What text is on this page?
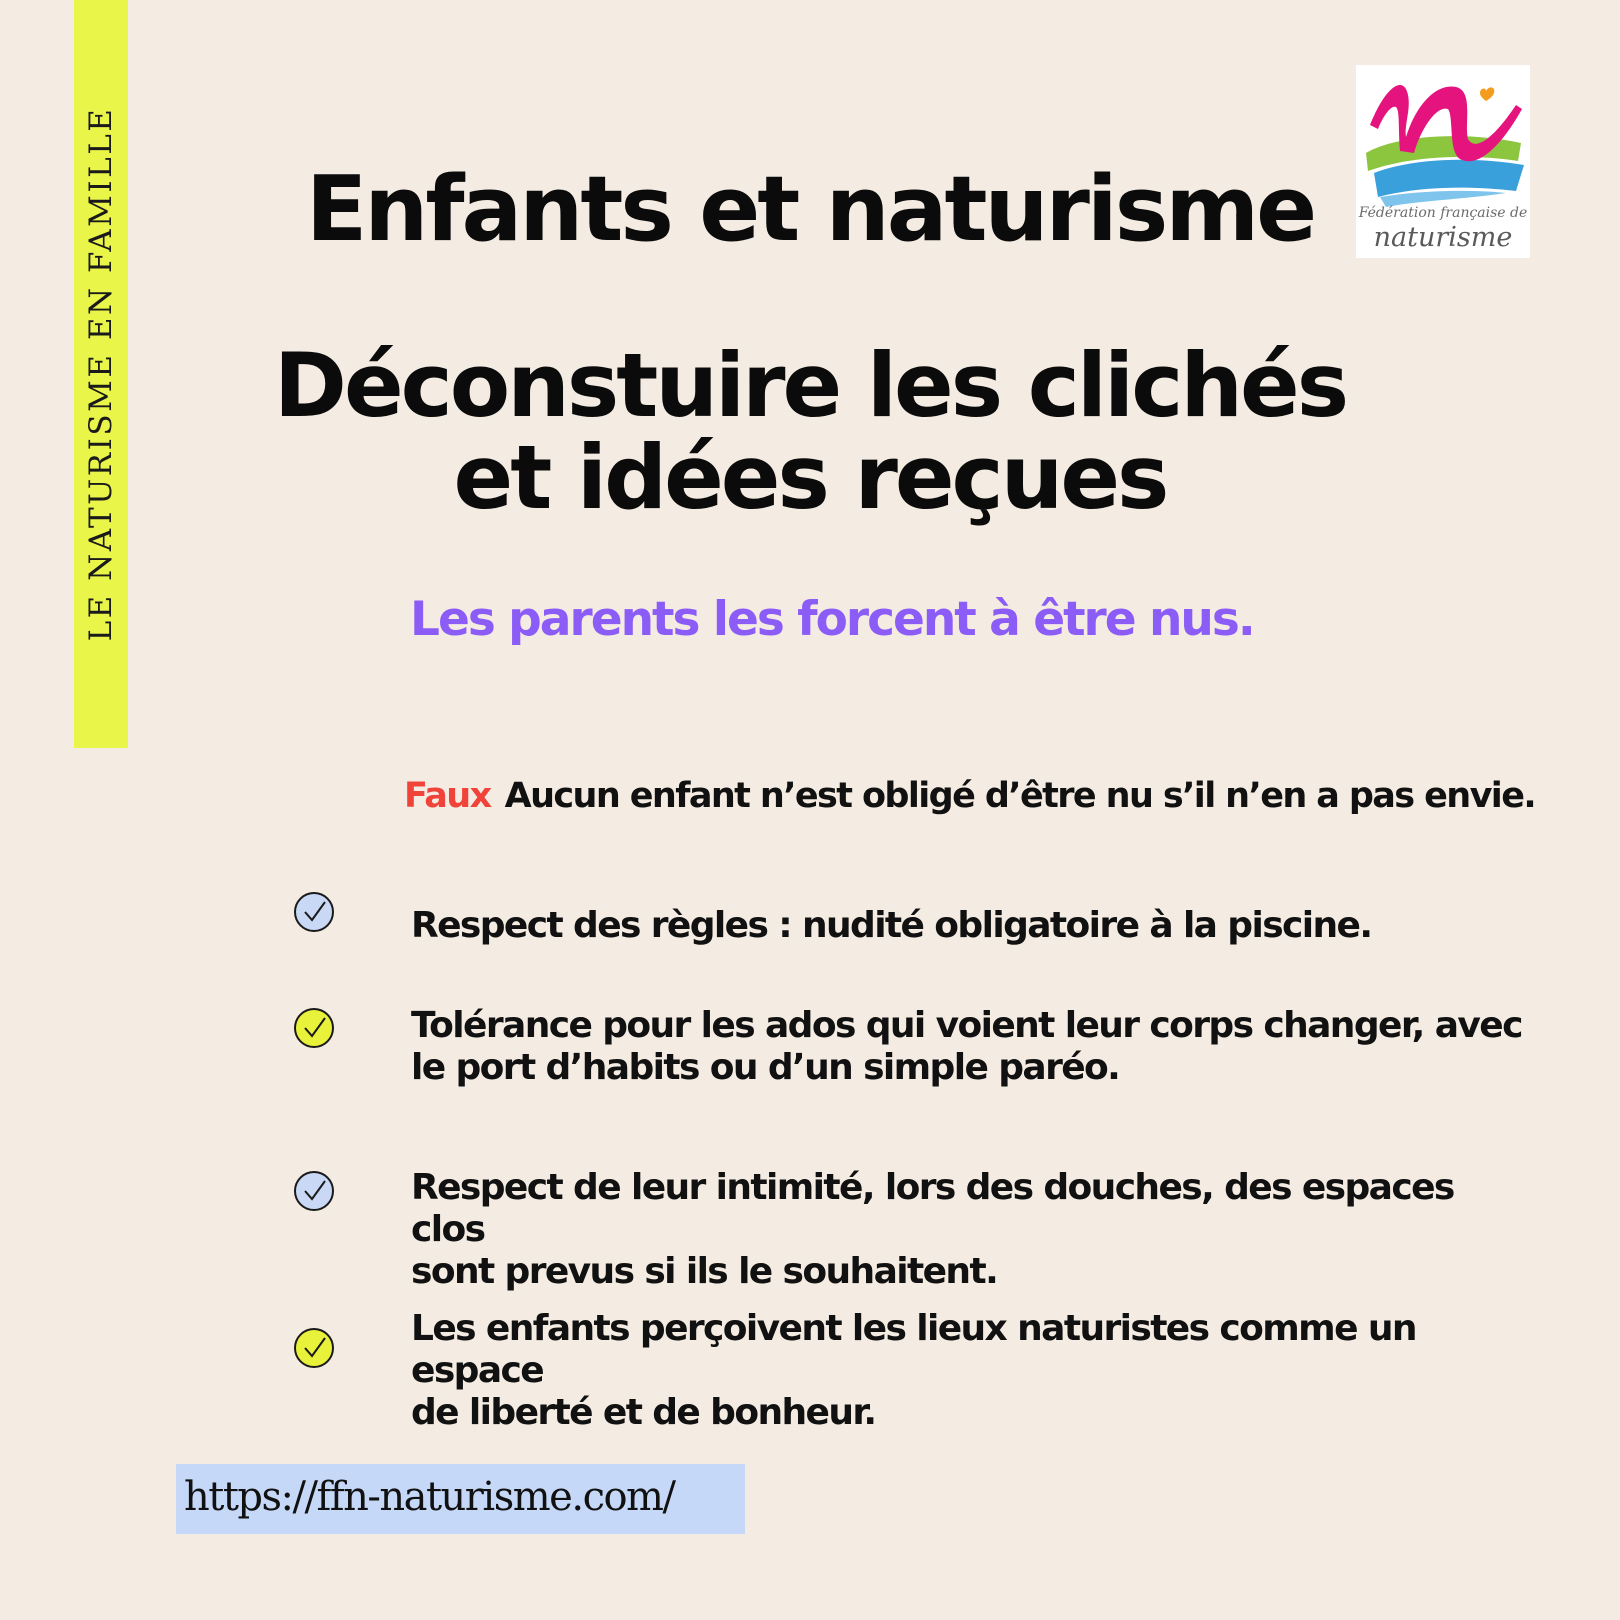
LE NATURISME EN FAMILLE	Fédération française de
naturisme
Enfants et naturisme
Déconstuire les clichés
et idées reçues
Les parents les forcent à être nus.
Faux Aucun enfant n’est obligé d’être nu s’il n’en a pas envie.
Respect des règles : nudité obligatoire à la piscine.
Tolérance pour les ados qui voient leur corps changer, avec
le port d’habits ou d’un simple paréo.
Respect de leur intimité, lors des douches, des espaces clos
sont prevus si ils le souhaitent.
Les enfants perçoivent les lieux naturistes comme un espace
de liberté et de bonheur.
https://ffn-naturisme.com/
